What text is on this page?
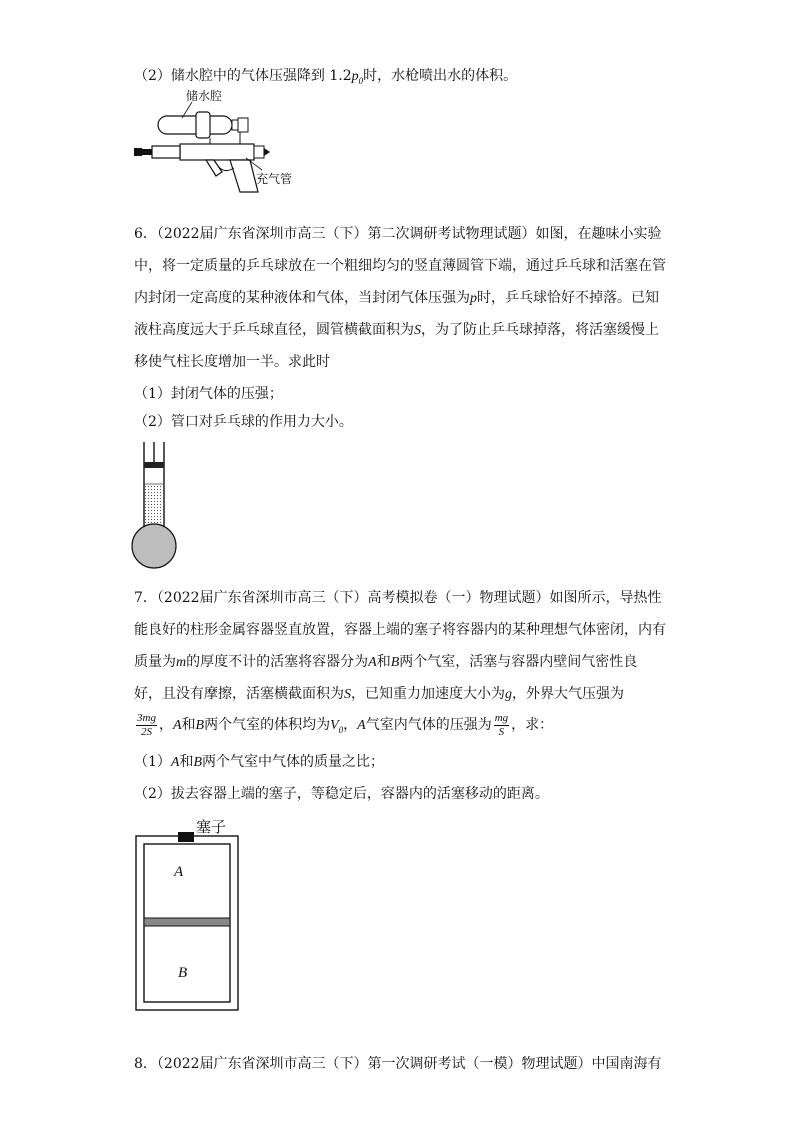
（2）储水腔中的气体压强降到 $1.2p_0$时，水枪喷出水的体积。
储水腔
充气管
6．（2022届广东省深圳市高三（下）第二次调研考试物理试题）如图，在趣味小实验
中，将一定质量的乒乓球放在一个粗细均匀的竖直薄圆管下端，通过乒乓球和活塞在管
内封闭一定高度的某种液体和气体，当封闭气体压强为p时，乒乓球恰好不掉落。已知
液柱高度远大于乒乓球直径，圆管横截面积为S，为了防止乒乓球掉落，将活塞缓慢上
移使气柱长度增加一半。求此时
（1）封闭气体的压强；
（2）管口对乒乓球的作用力大小。
7．（2022届广东省深圳市高三（下）高考模拟卷（一）物理试题）如图所示，导热性
能良好的柱形金属容器竖直放置，容器上端的塞子将容器内的某种理想气体密闭，内有
质量为m的厚度不计的活塞将容器分为A和B两个气室，活塞与容器内壁间气密性良
好，且没有摩擦，活塞横截面积为S，已知重力加速度大小为g，外界大气压强为
$\frac{3mg}{2S}$ ，A和B两个气室的体积均为$V_0$，A气室内气体的压强为 $\frac{mg}{S}$ ，求：
（1）A和B两个气室中气体的质量之比；
（2）拔去容器上端的塞子，等稳定后，容器内的活塞移动的距离。
塞子
A
B
8．（2022届广东省深圳市高三（下）第一次调研考试（一模）物理试题）中国南海有
